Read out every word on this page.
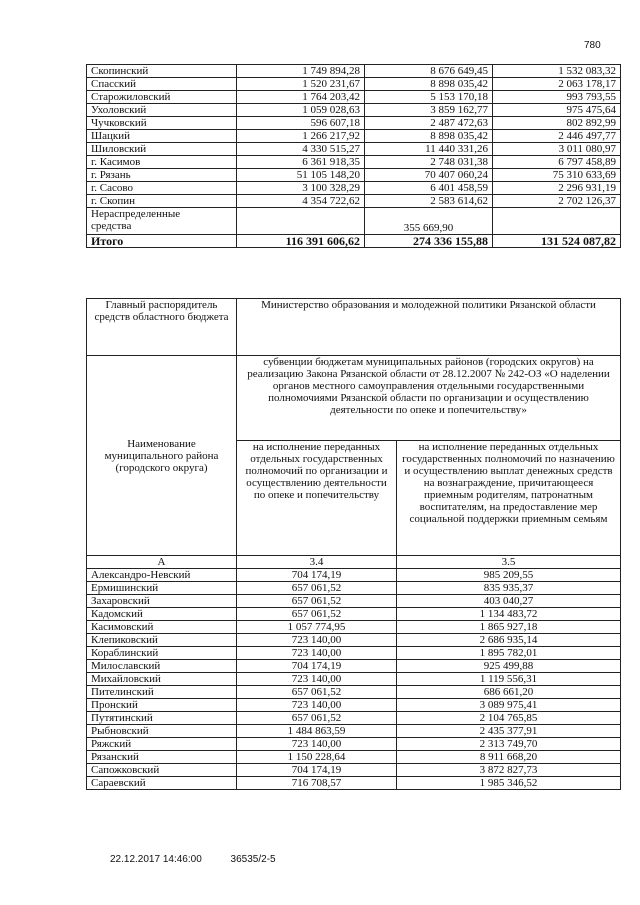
780
Скопинский	1 749 894,28	8 676 649,45	1 532 083,32
Спасский	1 520 231,67	8 898 035,42	2 063 178,17
Старожиловский	1 764 203,42	5 153 170,18	993 793,55
Ухоловский	1 059 028,63	3 859 162,77	975 475,64
Чучковский	596 607,18	2 487 472,63	802 892,99
Шацкий	1 266 217,92	8 898 035,42	2 446 497,77
Шиловский	4 330 515,27	11 440 331,26	3 011 080,97
г. Касимов	6 361 918,35	2 748 031,38	6 797 458,89
г. Рязань	51 105 148,20	70 407 060,24	75 310 633,69
г. Сасово	3 100 328,29	6 401 458,59	2 296 931,19
г. Скопин	4 354 722,62	2 583 614,62	2 702 126,37

Нераспределенные
средства		355 669,90	
Итого	116 391 606,62	274 336 155,88	131 524 087,82
Главный распорядитель средств областного бюджета	Министерство образования и молодежной политики Рязанской области	
Наименование муниципального района (городского округа)	субвенции бюджетам муниципальных районов (городских округов) на реализацию Закона Рязанской области от 28.12.2007 № 242-ОЗ «О наделении органов местного самоуправления отдельными государственными полномочиями Рязанской области по организации и осуществлению деятельности по опеке и попечительству»	
	на исполнение переданных отдельных государственных полномочий по организации и осуществлению деятельности по опеке и попечительству	на исполнение переданных отдельных государственных полномочий по назначению и осуществлению выплат денежных средств на вознаграждение, причитающееся приемным родителям, патронатным воспитателям, на предоставление мер социальной поддержки приемным семьям
А	3.4	3.5
Александро-Невский	704 174,19	985 209,55
Ермишинский	657 061,52	835 935,37
Захаровский	657 061,52	403 040,27
Кадомский	657 061,52	1 134 483,72
Касимовский	1 057 774,95	1 865 927,18
Клепиковский	723 140,00	2 686 935,14
Кораблинский	723 140,00	1 895 782,01
Милославский	704 174,19	925 499,88
Михайловский	723 140,00	1 119 556,31
Пителинский	657 061,52	686 661,20
Пронский	723 140,00	3 089 975,41
Путятинский	657 061,52	2 104 765,85
Рыбновский	1 484 863,59	2 435 377,91
Ряжский	723 140,00	2 313 749,70
Рязанский	1 150 228,64	8 911 668,20
Сапожковский	704 174,19	3 872 827,73
Сараевский	716 708,57	1 985 346,52
22.12.2017 14:46:00	36535/2-5
